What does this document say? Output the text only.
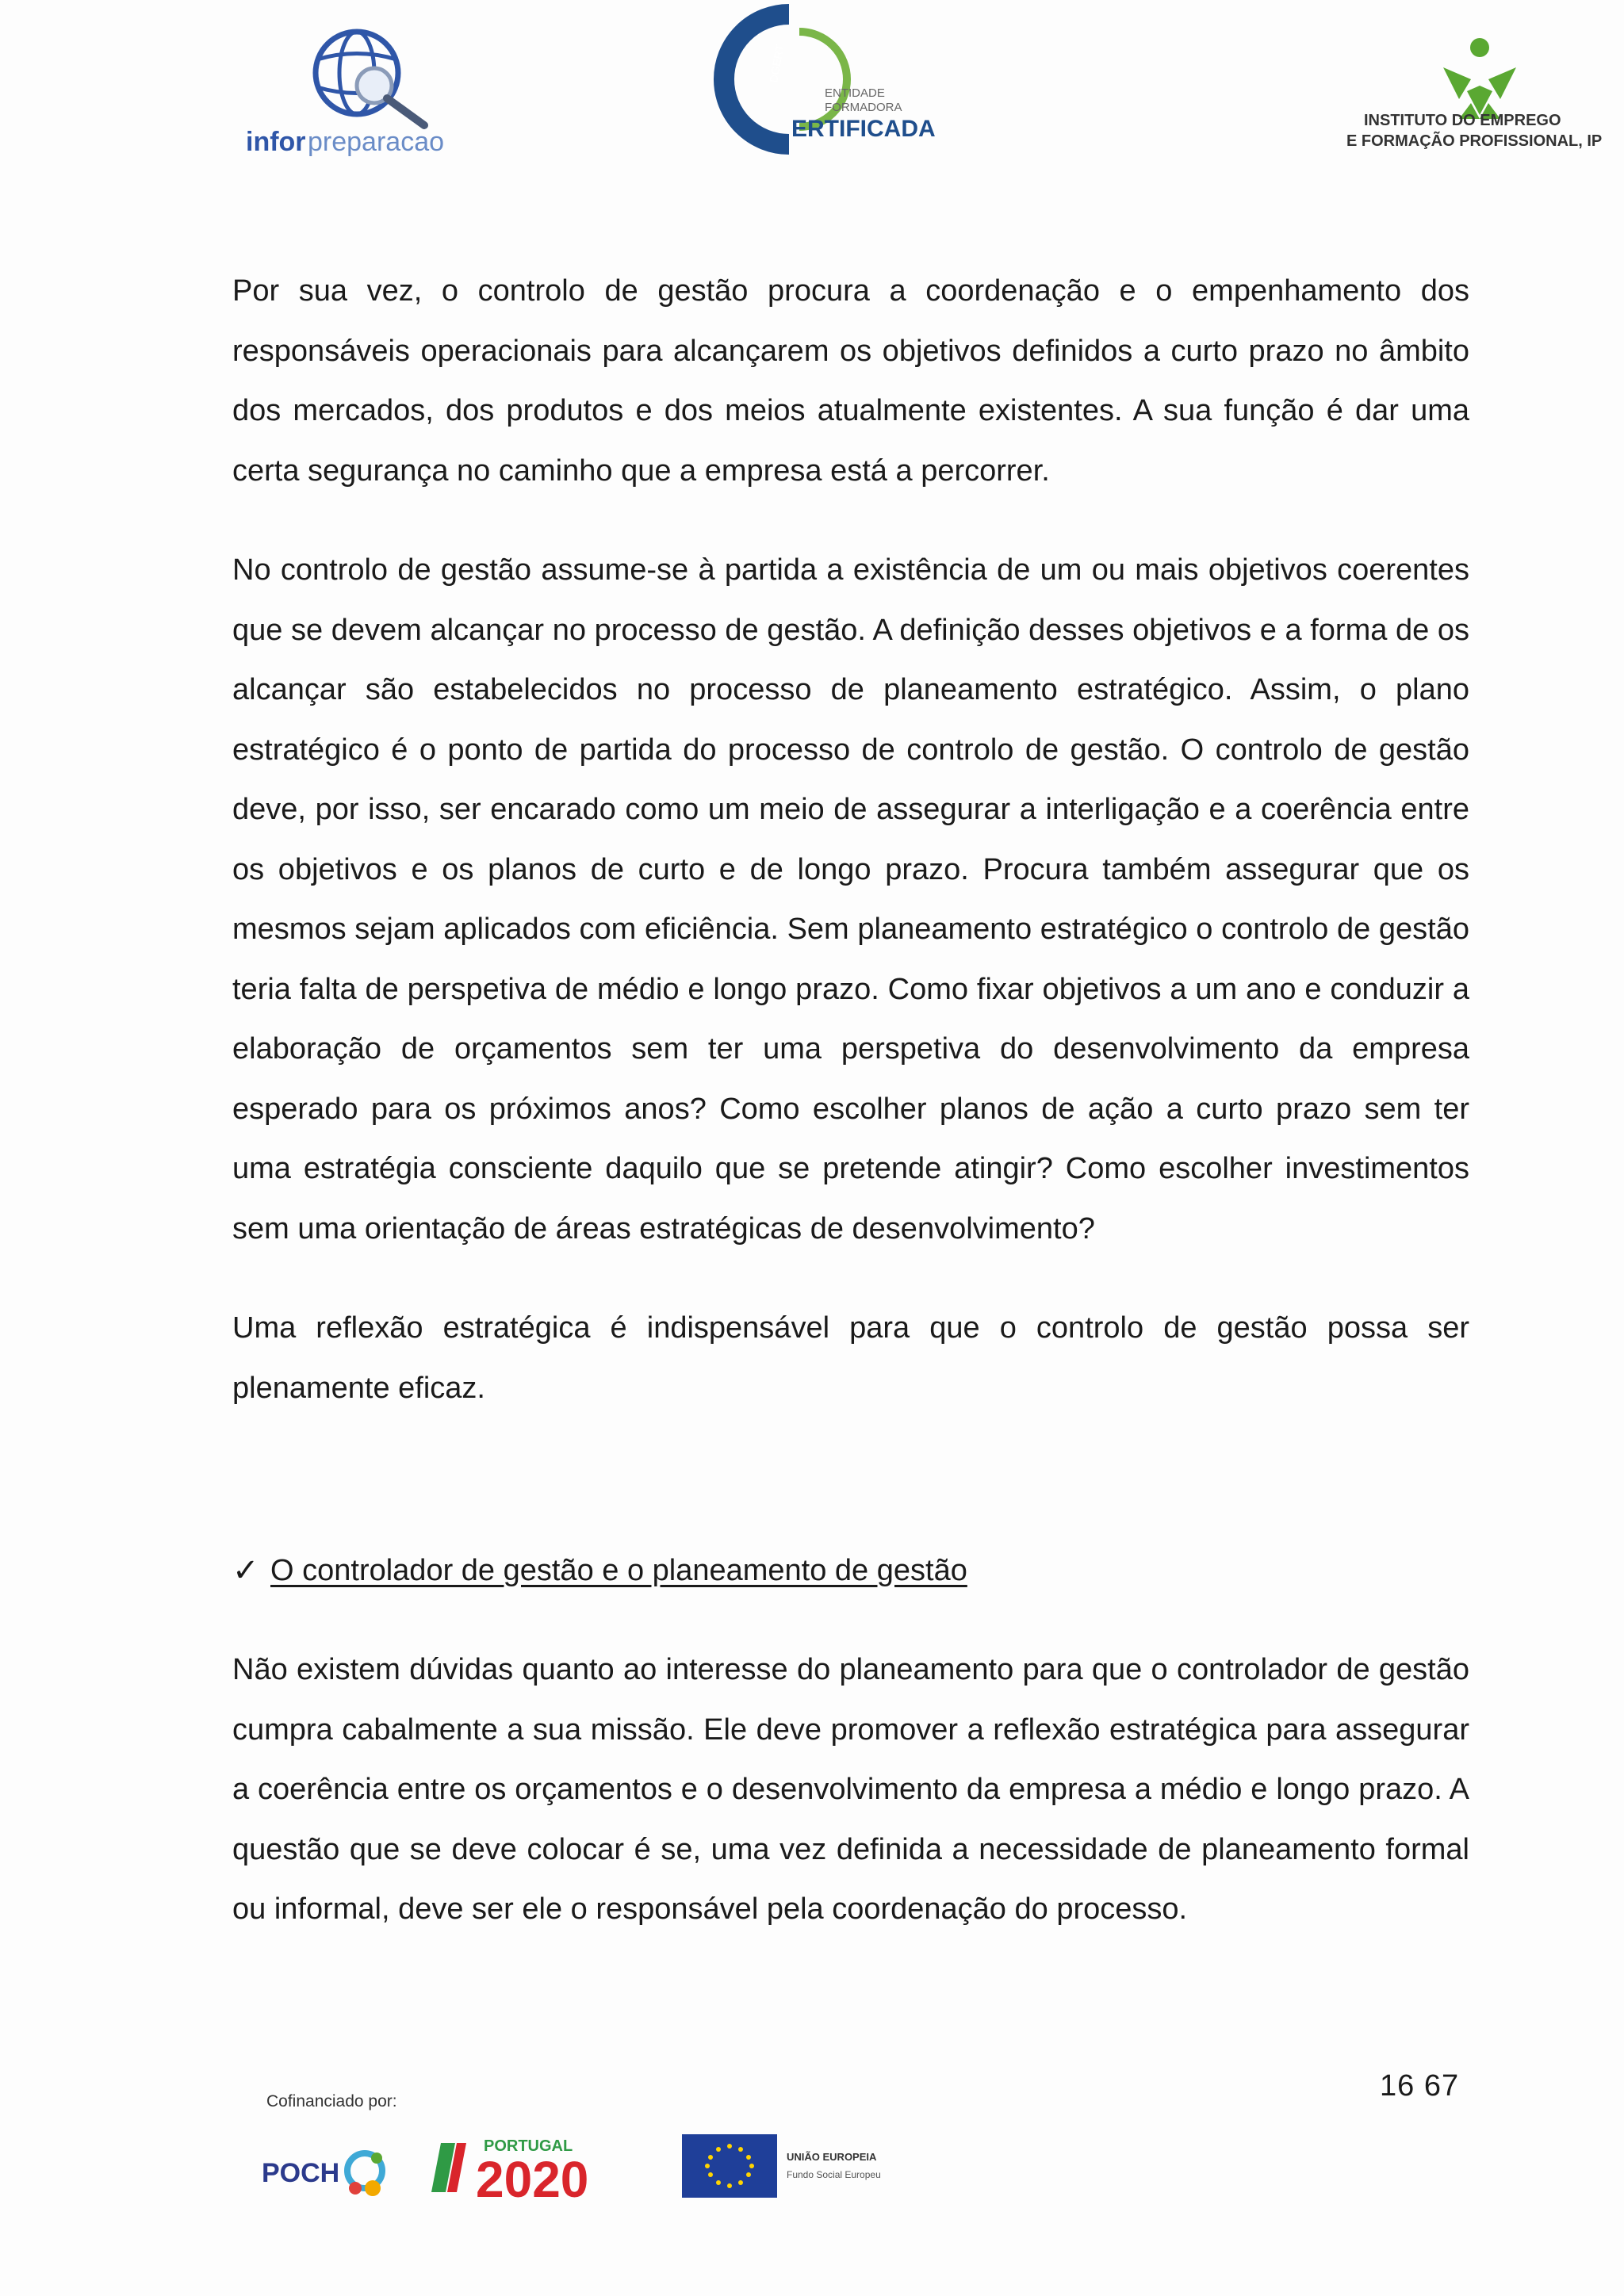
infor preparacao
DGERT
ENTIDADE
FORMADORA
ERTIFICADA	INSTITUTO DO EMPREGO
E FORMAÇÃO PROFISSIONAL, IP

Por sua vez, o controlo de gestão procura a coordenação e o empenhamento dos responsáveis operacionais para alcançarem os objetivos definidos a curto prazo no âmbito dos mercados, dos produtos e dos meios atualmente existentes. A sua função é dar uma certa segurança no caminho que a empresa está a percorrer.

No controlo de gestão assume-se à partida a existência de um ou mais objetivos coerentes que se devem alcançar no processo de gestão. A definição desses objetivos e a forma de os alcançar são estabelecidos no processo de planeamento estratégico. Assim, o plano estratégico é o ponto de partida do processo de controlo de gestão. O controlo de gestão deve, por isso, ser encarado como um meio de assegurar a interligação e a coerência entre os objetivos e os planos de curto e de longo prazo. Procura também assegurar que os mesmos sejam aplicados com eficiência. Sem planeamento estratégico o controlo de gestão teria falta de perspetiva de médio e longo prazo. Como fixar objetivos a um ano e conduzir a elaboração de orçamentos sem ter uma perspetiva do desenvolvimento da empresa esperado para os próximos anos? Como escolher planos de ação a curto prazo sem ter uma estratégia consciente daquilo que se pretende atingir? Como escolher investimentos sem uma orientação de áreas estratégicas de desenvolvimento?

Uma reflexão estratégica é indispensável para que o controlo de gestão possa ser plenamente eficaz.

✓ O controlador de gestão e o planeamento de gestão

Não existem dúvidas quanto ao interesse do planeamento para que o controlador de gestão cumpra cabalmente a sua missão. Ele deve promover a reflexão estratégica para assegurar a coerência entre os orçamentos e o desenvolvimento da empresa a médio e longo prazo. A questão que se deve colocar é se, uma vez definida a necessidade de planeamento formal ou informal, deve ser ele o responsável pela coordenação do processo.

16 67
Cofinanciado por:
POCH
PORTUGAL
2020	UNIÃO EUROPEIA
Fundo Social Europeu
